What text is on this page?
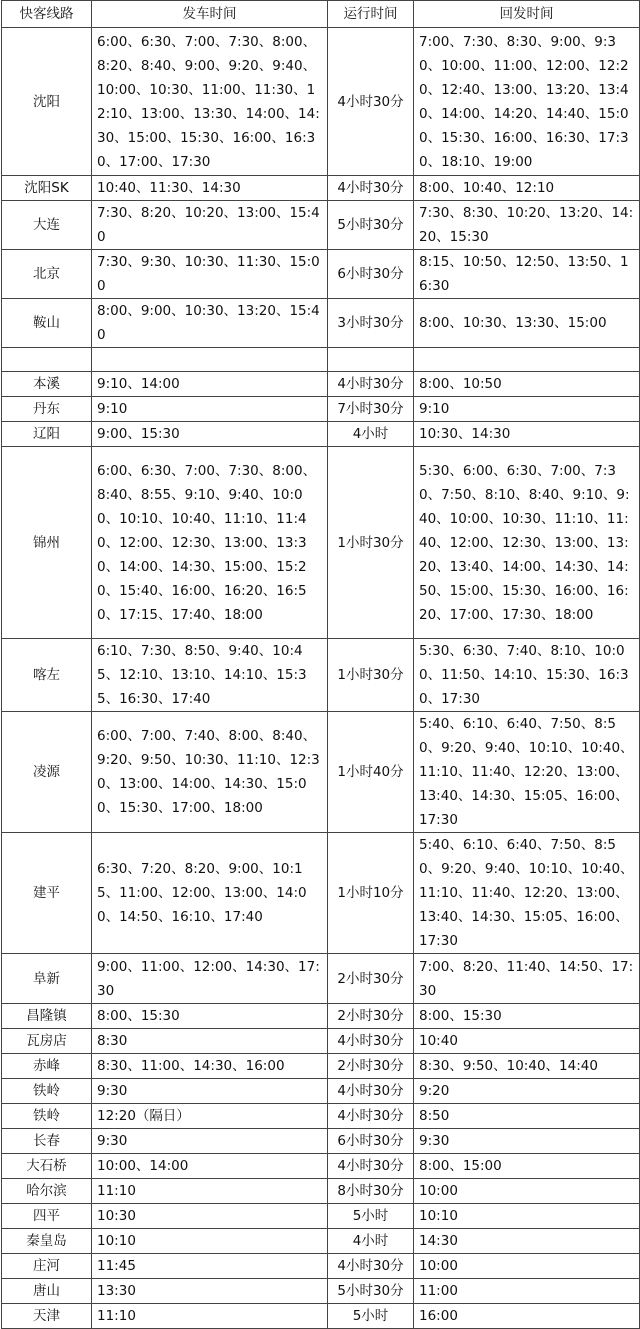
快客线路	发车时间	运行时间	回发时间
沈阳	6:00、6:30、7:00、7:30、8:00、8:20、8:40、9:00、9:20、9:40、10:00、10:30、11:00、11:30、12:10、13:00、13:30、14:00、14:30、15:00、15:30、16:00、16:30、17:00、17:30	4小时30分	7:00、7:30、8:30、9:00、9:30、10:00、11:00、12:00、12:20、12:40、13:00、13:20、13:40、14:00、14:20、14:40、15:00、15:30、16:00、16:30、17:30、18:10、19:00
沈阳SK	10:40、11:30、14:30	4小时30分	8:00、10:40、12:10
大连	7:30、8:20、10:20、13:00、15:40	5小时30分	7:30、8:30、10:20、13:20、14:20、15:30
北京	7:30、9:30、10:30、11:30、15:00	6小时30分	8:15、10:50、12:50、13:50、16:30
鞍山	8:00、9:00、10:30、13:20、15:40	3小时30分	8:00、10:30、13:30、15:00

本溪	9:10、14:00	4小时30分	8:00、10:50
丹东	9:10	7小时30分	9:10
辽阳	9:00、15:30	4小时	10:30、14:30
锦州	6:00、6:30、7:00、7:30、8:00、8:40、8:55、9:10、9:40、10:00、10:10、10:40、11:10、11:40、12:00、12:30、13:00、13:30、14:00、14:30、15:00、15:20、15:40、16:00、16:20、16:50、17:15、17:40、18:00	1小时30分	5:30、6:00、6:30、7:00、7:30、7:50、8:10、8:40、9:10、9:40、10:00、10:30、11:10、11:40、12:00、12:30、13:00、13:20、13:40、14:00、14:30、14:50、15:00、15:30、16:00、16:20、17:00、17:30、18:00
喀左	6:10、7:30、8:50、9:40、10:45、12:10、13:10、14:10、15:35、16:30、17:40	1小时30分	5:30、6:30、7:40、8:10、10:00、11:50、14:10、15:30、16:30、17:30
凌源	6:00、7:00、7:40、8:00、8:40、9:20、9:50、10:30、11:10、12:30、13:00、14:00、14:30、15:00、15:30、17:00、18:00	1小时40分	5:40、6:10、6:40、7:50、8:50、9:20、9:40、10:10、10:40、11:10、11:40、12:20、13:00、13:40、14:30、15:05、16:00、17:30
建平	6:30、7:20、8:20、9:00、10:15、11:00、12:00、13:00、14:00、14:50、16:10、17:40	1小时10分	5:40、6:10、6:40、7:50、8:50、9:20、9:40、10:10、10:40、11:10、11:40、12:20、13:00、13:40、14:30、15:05、16:00、17:30
阜新	9:00、11:00、12:00、14:30、17:30	2小时30分	7:00、8:20、11:40、14:50、17:30
昌隆镇	8:00、15:30	2小时30分	8:00、15:30
瓦房店	8:30	4小时30分	10:40
赤峰	8:30、11:00、14:30、16:00	2小时30分	8:30、9:50、10:40、14:40
铁岭	9:30	4小时30分	9:20
铁岭	12:20（隔日）	4小时30分	8:50
长春	9:30	6小时30分	9:30
大石桥	10:00、14:00	4小时30分	8:00、15:00
哈尔滨	11:10	8小时30分	10:00
四平	10:30	5小时	10:10
秦皇岛	10:10	4小时	14:30
庄河	11:45	4小时30分	10:00
唐山	13:30	5小时30分	11:00
天津	11:10	5小时	16:00
